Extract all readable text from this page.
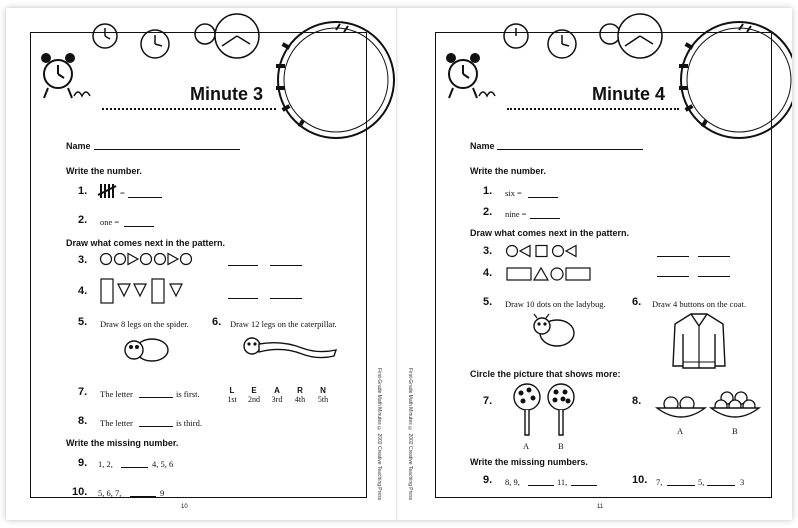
Minute 3
Name
Write the number.
1.	=
2. one =
Draw what comes next in the pattern.
3.
4.
5. Draw 8 legs on the spider. 6. Draw 12 legs on the caterpillar.
7. The letter	is first.	L
1st
E
2nd
A
3rd
R
4th
N
5th
8. The letter	is third.
Write the missing number.
9. 1, 2,	4, 5, 6
10. 5, 6, 7,	9
10
First-Grade Math Minutes © 2002 Creative Teaching Press
Minute 4
Name
Write the number.
1. six =
2. nine =
Draw what comes next in the pattern.
3.
4.
5. Draw 10 dots on the ladybug. 6. Draw 4 buttons on the coat.
Circle the picture that shows more:
7.
A	B
8.
A	B
Write the missing numbers.
9. 8, 9,	11,	10. 7,	5,	3
11
First-Grade Math Minutes © 2002 Creative Teaching Press
